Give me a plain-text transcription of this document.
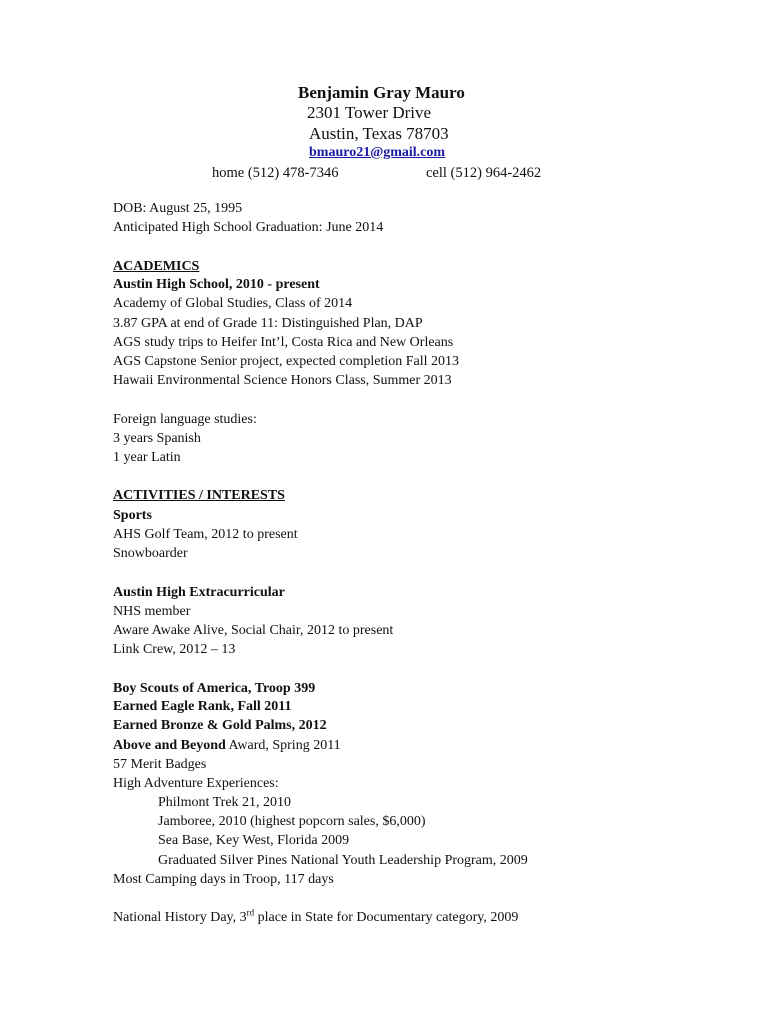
Benjamin Gray Mauro
2301 Tower Drive
Austin, Texas 78703
bmauro21@gmail.com
home (512) 478-7346	cell (512) 964-2462
DOB: August 25, 1995
Anticipated High School Graduation: June 2014
ACADEMICS
Austin High School, 2010 - present
Academy of Global Studies, Class of 2014
3.87 GPA at end of Grade 11: Distinguished Plan, DAP
AGS study trips to Heifer Int’l, Costa Rica and New Orleans
AGS Capstone Senior project, expected completion Fall 2013
Hawaii Environmental Science Honors Class, Summer 2013
Foreign language studies:
3 years Spanish
1 year Latin
ACTIVITIES / INTERESTS
Sports
AHS Golf Team, 2012 to present
Snowboarder
Austin High Extracurricular
NHS member
Aware Awake Alive, Social Chair, 2012 to present
Link Crew, 2012 – 13
Boy Scouts of America, Troop 399
Earned Eagle Rank, Fall 2011
Earned Bronze & Gold Palms, 2012
Above and Beyond Award, Spring 2011
57 Merit Badges
High Adventure Experiences:
Philmont Trek 21, 2010
Jamboree, 2010 (highest popcorn sales, $6,000)
Sea Base, Key West, Florida 2009
Graduated Silver Pines National Youth Leadership Program, 2009
Most Camping days in Troop, 117 days
National History Day, 3rd place in State for Documentary category, 2009
